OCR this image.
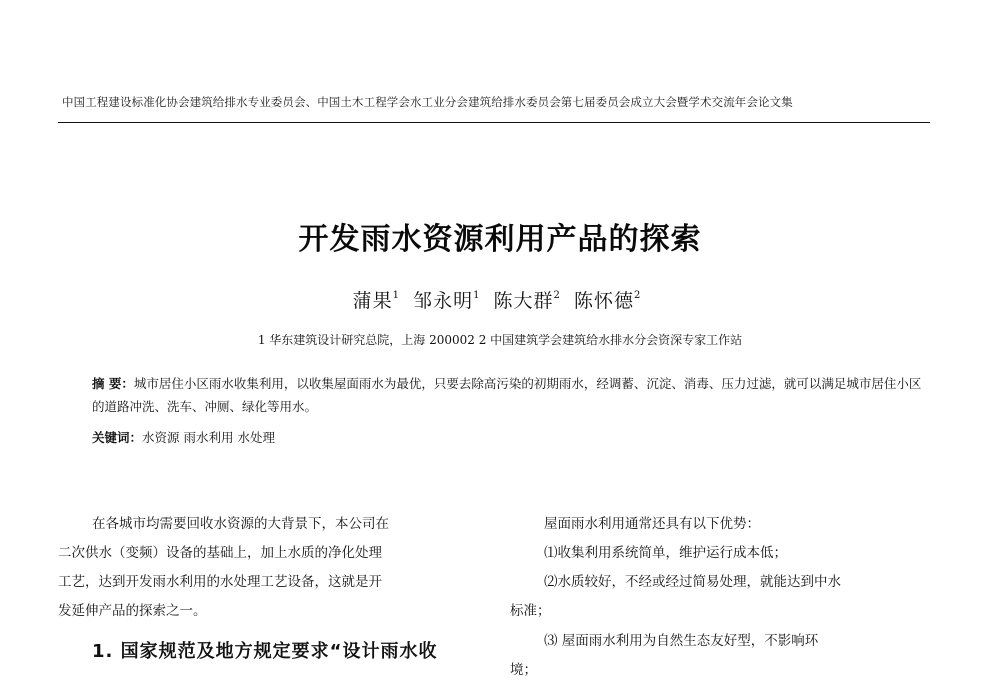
中国工程建设标准化协会建筑给排水专业委员会、中国土木工程学会水工业分会建筑给排水委员会第七届委员会成立大会暨学术交流年会论文集
开发雨水资源利用产品的探索
蒲果$^1$ 邹永明$^1$ 陈大群$^2$ 陈怀德$^2$
1 华东建筑设计研究总院，上海 200002 2 中国建筑学会建筑给水排水分会资深专家工作站
摘 要：城市居住小区雨水收集利用，以收集屋面雨水为最优，只要去除高污染的初期雨水，经调蓄、沉淀、消毒、压力过滤，就可以满足城市居住小区的道路冲洗、洗车、冲厕、绿化等用水。
关键词：水资源 雨水利用 水处理
在各城市均需要回收水资源的大背景下，本公司在
二次供水（变频）设备的基础上，加上水质的净化处理
工艺，达到开发雨水利用的水处理工艺设备，这就是开
发延伸产品的探索之一。
1. 国家规范及地方规定要求“设计雨水收
屋面雨水利用通常还具有以下优势：
⑴收集利用系统简单，维护运行成本低；
⑵水质较好，不经或经过简易处理，就能达到中水
标准；
⑶ 屋面雨水利用为自然生态友好型，不影响环
境；
